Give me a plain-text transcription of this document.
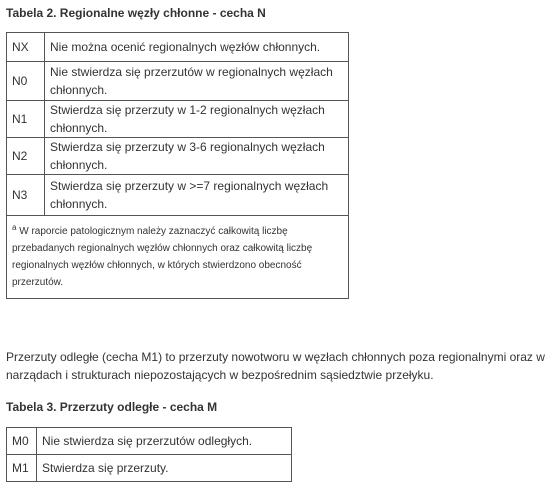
Tabela 2. Regionalne węzły chłonne - cecha N
NX	Nie można ocenić regionalnych węzłów chłonnych.
N0	Nie stwierdza się przerzutów w regionalnych węzłach chłonnych.
N1	Stwierdza się przerzuty w 1-2 regionalnych węzłach chłonnych.
N2	Stwierdza się przerzuty w 3-6 regionalnych węzłach chłonnych.
N3	Stwierdza się przerzuty w >=7 regionalnych węzłach chłonnych.
$^a$ W raporcie patologicznym należy zaznaczyć całkowitą liczbę przebadanych regionalnych węzłów chłonnych oraz całkowitą liczbę regionalnych węzłów chłonnych, w których stwierdzono obecność przerzutów.	
Przerzuty odległe (cecha M1) to przerzuty nowotworu w węzłach chłonnych poza regionalnymi oraz w narządach i strukturach niepozostających w bezpośrednim sąsiedztwie przełyku.
Tabela 3. Przerzuty odległe - cecha M
M0	Nie stwierdza się przerzutów odległych.
M1	Stwierdza się przerzuty.
